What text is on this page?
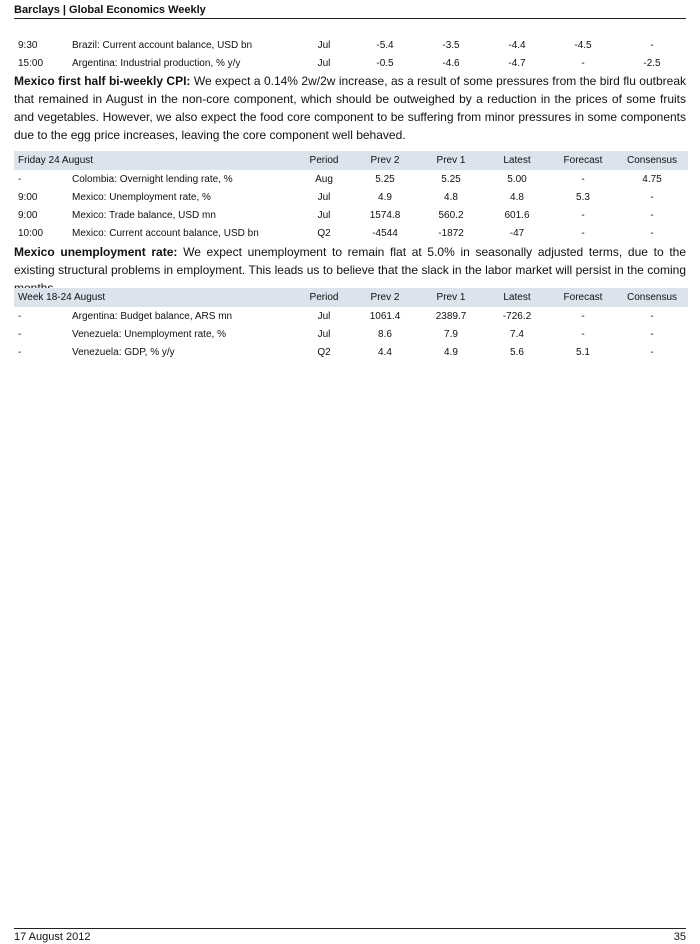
Barclays | Global Economics Weekly
9:30	Brazil: Current account balance, USD bn	Jul	-5.4	-3.5	-4.4	-4.5	-
15:00	Argentina: Industrial production, % y/y	Jul	-0.5	-4.6	-4.7	-	-2.5

Mexico first half bi-weekly CPI: We expect a 0.14% 2w/2w increase, as a result of some pressures from the bird flu outbreak that remained in August in the non-core component, which should be outweighed by a reduction in the prices of some fruits and vegetables. However, we also expect the food core component to be suffering from minor pressures in some components due to the egg price increases, leaving the core component well behaved.

Friday 24 August		Period	Prev 2	Prev 1	Latest	Forecast	Consensus
-	Colombia: Overnight lending rate, %	Aug	5.25	5.25	5.00	-	4.75
9:00	Mexico: Unemployment rate, %	Jul	4.9	4.8	4.8	5.3	-
9:00	Mexico: Trade balance, USD mn	Jul	1574.8	560.2	601.6	-	-
10:00	Mexico: Current account balance, USD bn	Q2	-4544	-1872	-47	-	-

Mexico unemployment rate: We expect unemployment to remain flat at 5.0% in seasonally adjusted terms, due to the existing structural problems in employment. This leads us to believe that the slack in the labor market will persist in the coming

Week 18-24 August		Period	Prev 2	Prev 1	Latest	Forecast	Consensus
-	Argentina: Budget balance, ARS mn	Jul	1061.4	2389.7	-726.2	-	-
-	Venezuela: Unemployment rate, %	Jul	8.6	7.9	7.4	-	-
-	Venezuela: GDP, % y/y	Q2	4.4	4.9	5.6	5.1	-
17 August 2012	35
